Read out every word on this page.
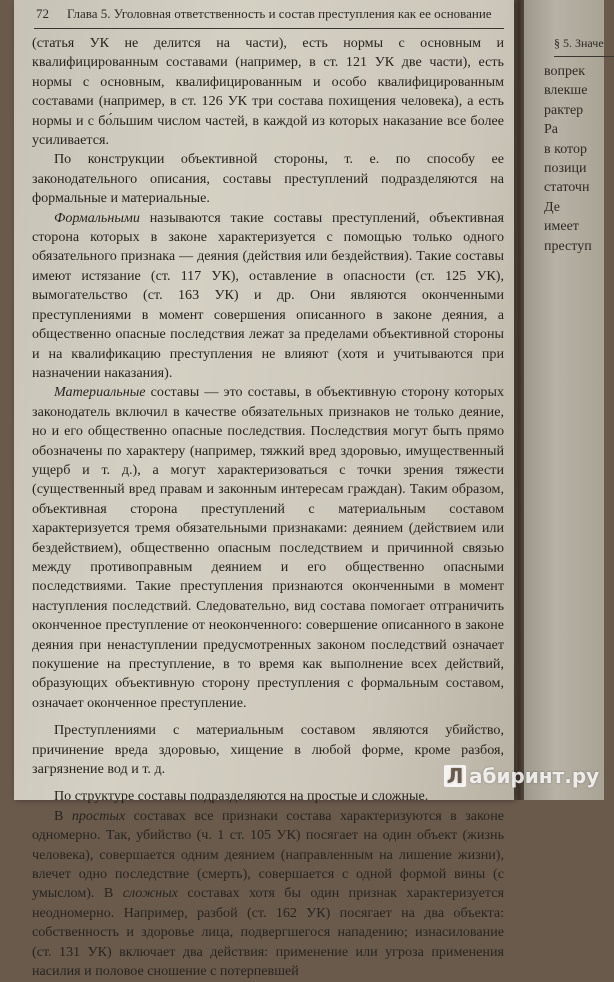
§ 5. Значе
вопрек
влекше
рактер
Ра
в котор
позици
статочн
Де
имеет
преступ
72 Глава 5. Уголовная ответственность и состав преступления как ее основание

(статья УК не делится на части), есть нормы с основным и квалифицированным составами (например, в ст. 121 УК две части), есть нормы с основным, квалифицированным и особо квалифицированным составами (например, в ст. 126 УК три состава похищения человека), а есть нормы и с бо́льшим числом частей, в каждой из которых наказание все более усиливается.

По конструкции объективной стороны, т. е. по способу ее законодательного описания, составы преступлений подразделяются на формальные и материальные.

Формальными называются такие составы преступлений, объективная сторона которых в законе характеризуется с помощью только одного обязательного признака — деяния (действия или бездействия). Такие составы имеют истязание (ст. 117 УК), оставление в опасности (ст. 125 УК), вымогательство (ст. 163 УК) и др. Они являются оконченными преступлениями в момент совершения описанного в законе деяния, а общественно опасные последствия лежат за пределами объективной стороны и на квалификацию преступления не влияют (хотя и учитываются при назначении наказания).

Материальные составы — это составы, в объективную сторону которых законодатель включил в качестве обязательных признаков не только деяние, но и его общественно опасные последствия. Последствия могут быть прямо обозначены по характеру (например, тяжкий вред здоровью, имущественный ущерб и т. д.), а могут характеризоваться с точки зрения тяжести (существенный вред правам и законным интересам граждан). Таким образом, объективная сторона преступлений с материальным составом характеризуется тремя обязательными признаками: деянием (действием или бездействием), общественно опасным последствием и причинной связью между противоправным деянием и его общественно опасными последствиями. Такие преступления признаются оконченными в момент наступления последствий. Следовательно, вид состава помогает отграничить оконченное преступление от неоконченного: совершение описанного в законе деяния при ненаступлении предусмотренных законом последствий означает покушение на преступление, в то время как выполнение всех действий, образующих объективную сторону преступления с формальным составом, означает оконченное преступление.

Преступлениями с материальным составом являются убийство, причинение вреда здоровью, хищение в любой форме, кроме разбоя, загрязнение вод и т. д.

По структуре составы подразделяются на простые и сложные.

В простых составах все признаки состава характеризуются в законе одномерно. Так, убийство (ч. 1 ст. 105 УК) посягает на один объект (жизнь человека), совершается одним деянием (направленным на лишение жизни), влечет одно последствие (смерть), совершается с одной формой вины (с умыслом). В сложных составах хотя бы один признак характеризуется неодномерно. Например, разбой (ст. 162 УК) посягает на два объекта: собственность и здоровье лица, подвергшегося нападению; изнасилование (ст. 131 УК) включает два действия: применение или угроза применения насилия и половое сношение с потерпевшей

Л абиринт.ру
